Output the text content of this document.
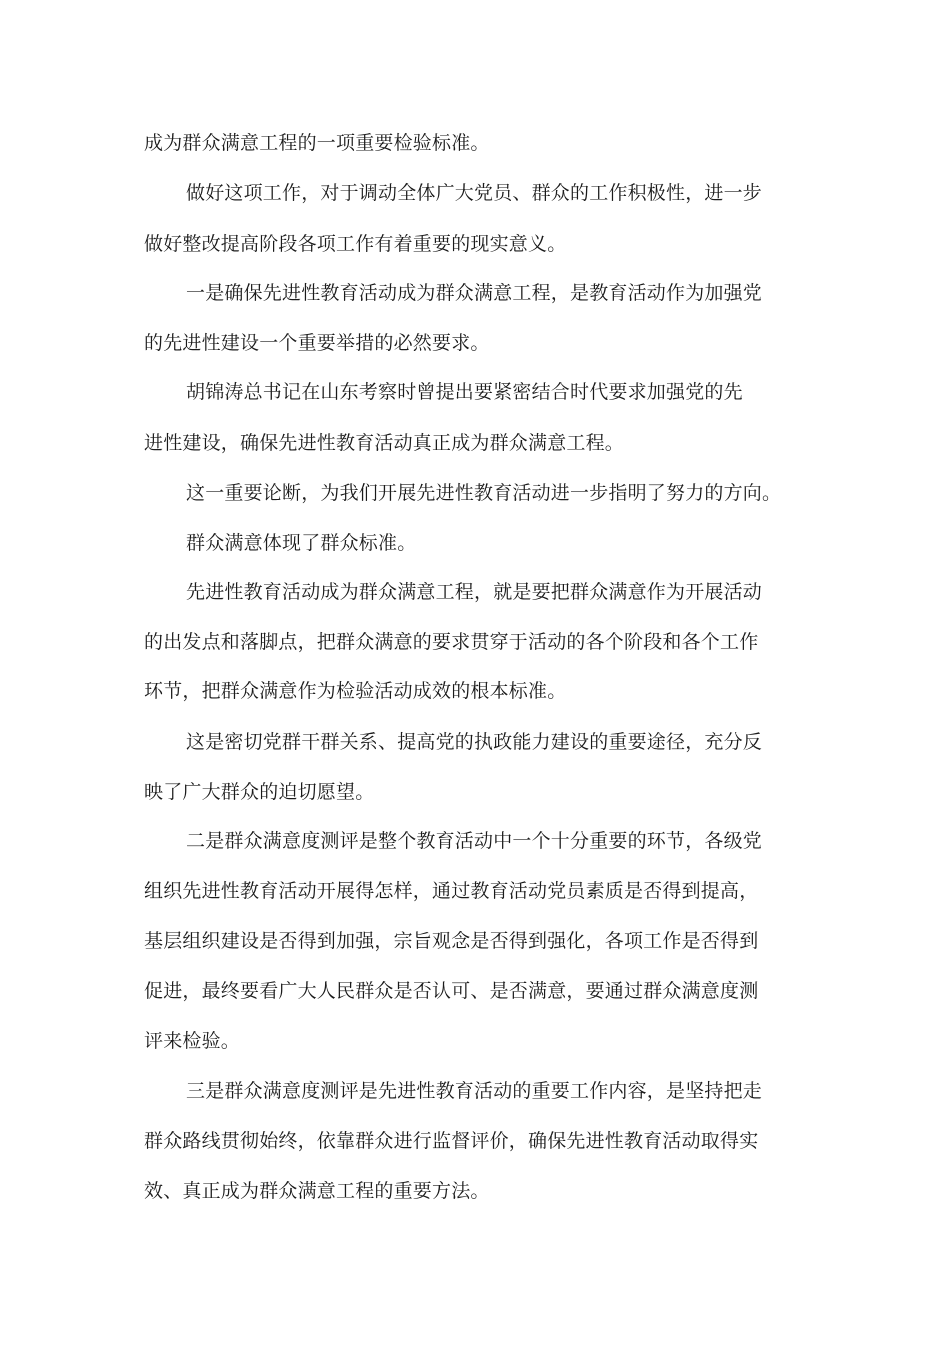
成为群众满意工程的一项重要检验标准。

做好这项工作，对于调动全体广大党员、群众的工作积极性，进一步

做好整改提高阶段各项工作有着重要的现实意义。

一是确保先进性教育活动成为群众满意工程，是教育活动作为加强党

的先进性建设一个重要举措的必然要求。

胡锦涛总书记在山东考察时曾提出要紧密结合时代要求加强党的先

进性建设，确保先进性教育活动真正成为群众满意工程。

这一重要论断，为我们开展先进性教育活动进一步指明了努力的方向。

群众满意体现了群众标准。

先进性教育活动成为群众满意工程，就是要把群众满意作为开展活动

的出发点和落脚点，把群众满意的要求贯穿于活动的各个阶段和各个工作

环节，把群众满意作为检验活动成效的根本标准。

这是密切党群干群关系、提高党的执政能力建设的重要途径，充分反

映了广大群众的迫切愿望。

二是群众满意度测评是整个教育活动中一个十分重要的环节，各级党

组织先进性教育活动开展得怎样，通过教育活动党员素质是否得到提高，

基层组织建设是否得到加强，宗旨观念是否得到强化，各项工作是否得到

促进，最终要看广大人民群众是否认可、是否满意，要通过群众满意度测

评来检验。

三是群众满意度测评是先进性教育活动的重要工作内容，是坚持把走

群众路线贯彻始终，依靠群众进行监督评价，确保先进性教育活动取得实

效、真正成为群众满意工程的重要方法。
